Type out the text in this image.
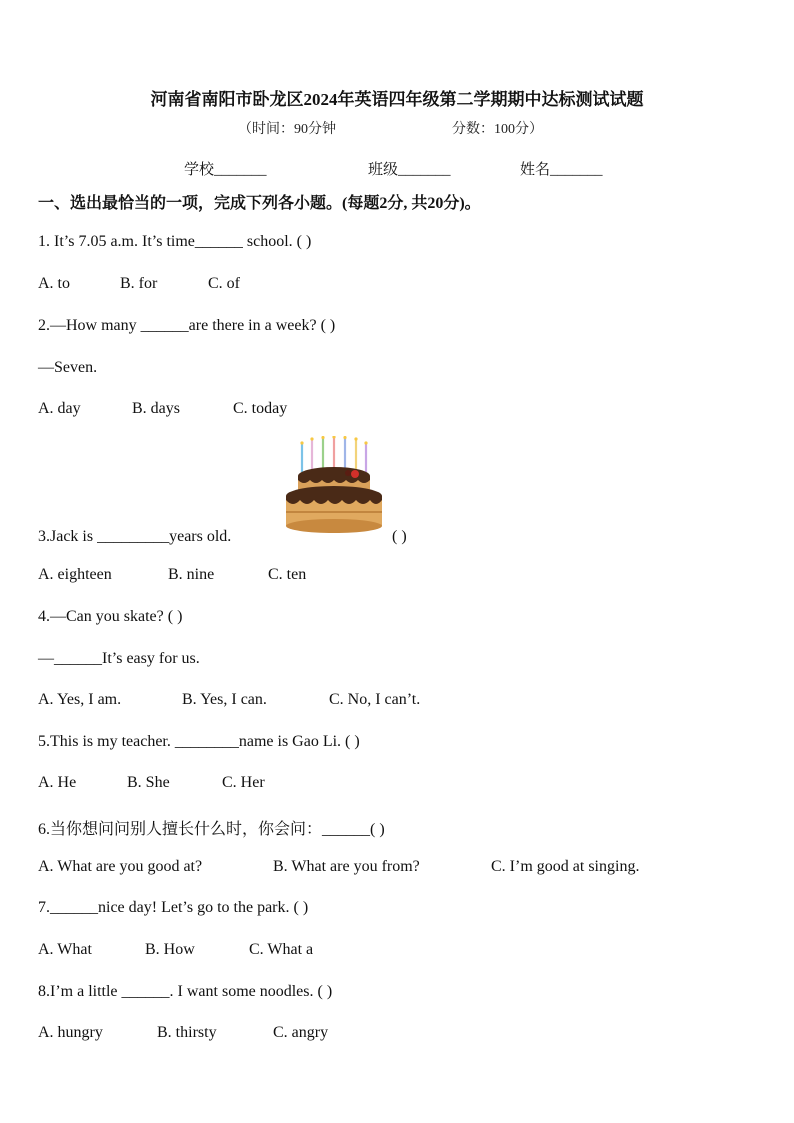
河南省南阳市卧龙区2024年英语四年级第二学期期中达标测试试题
（时间：90分钟	分数：100分）
学校_______	班级_______	姓名_______
一、选出最恰当的一项，完成下列各小题。(每题2分, 共20分)。
1. It’s 7.05 a.m. It’s time______ school. ( )
A. to	B. for	C. of
2.—How many ______are there in a week? ( )
—Seven.
A. day	B. days	C. today
3.Jack is _________years old.	( )
A. eighteen	B. nine	C. ten
4.—Can you skate? ( )
—______It’s easy for us.
A. Yes, I am.	B. Yes, I can.	C. No, I can’t.
5.This is my teacher. ________name is Gao Li. ( )
A. He	B. She	C. Her
6.当你想问问别人擅长什么时，你会问：______( )
A. What are you good at?	B. What are you from?	C. I’m good at singing.
7.______nice day! Let’s go to the park. ( )
A. What	B. How	C. What a
8.I’m a little ______. I want some noodles. ( )
A. hungry	B. thirsty	C. angry
